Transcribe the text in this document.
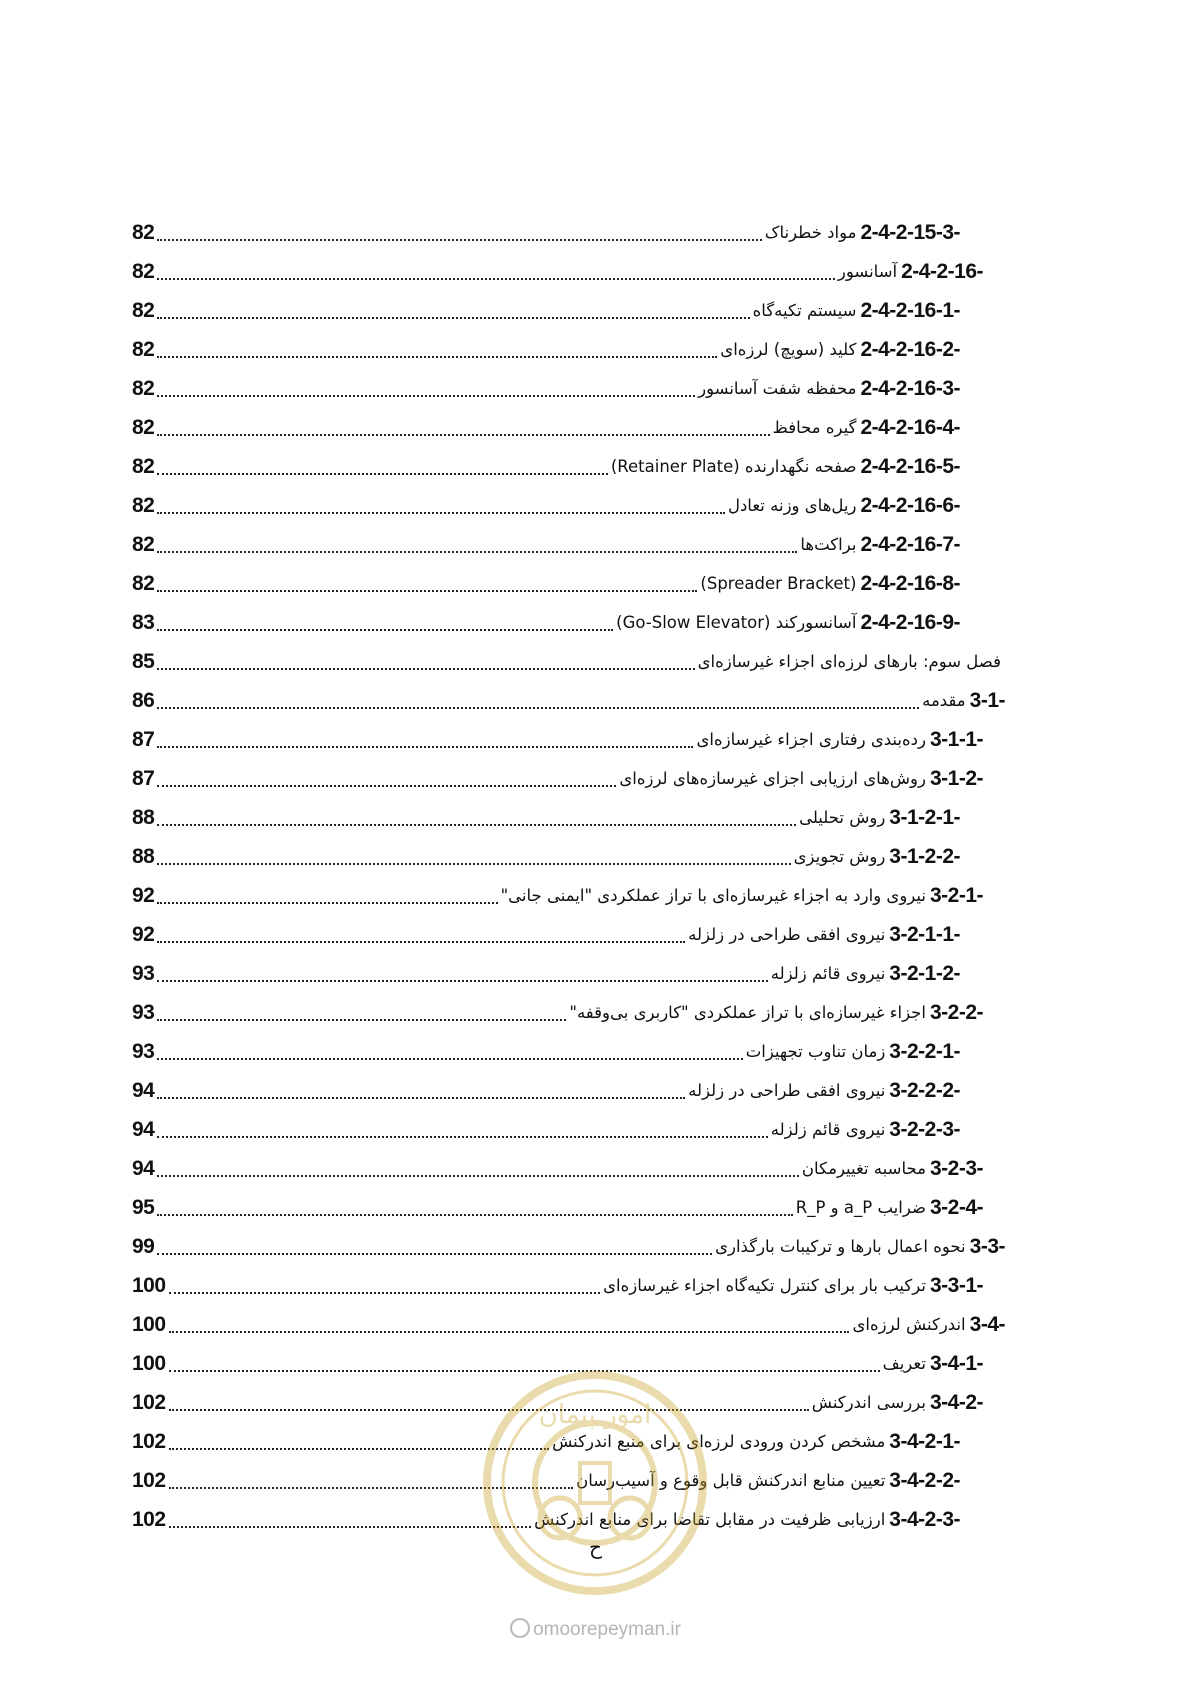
2-4-2-15-3-
مواد خطرناک
82
2-4-2-16-
آسانسور
82
2-4-2-16-1-
سیستم تکیه‌گاه
82
2-4-2-16-2-
کلید (سویچ) لرزه‌ای
82
2-4-2-16-3-
محفظه شفت آسانسور
82
2-4-2-16-4-
گیره محافظ
82
2-4-2-16-5-
صفحه نگهدارنده (Retainer Plate)
82
2-4-2-16-6-
ریل‌های وزنه تعادل
82
2-4-2-16-7-
براکت‌ها
82
2-4-2-16-8-
(Spreader Bracket)
82
2-4-2-16-9-
آسانسورکند (Go-Slow Elevator)
83
فصل سوم: بارهای لرزه‌ای اجزاء غیرسازه‌ای
85
3-1-
مقدمه
86
3-1-1-
رده‌بندی رفتاری اجزاء غیرسازه‌ای
87
3-1-2-
روش‌های ارزیابی اجزای غیرسازه‌های لرزه‌ای
87
3-1-2-1-
روش تحلیلی
88
3-1-2-2-
روش تجویزی
88
3-2-1-
نیروی وارد به اجزاء غیرسازه‌ای با تراز عملکردی "ایمنی جانی"
92
3-2-1-1-
نیروی افقی طراحی در زلزله
92
3-2-1-2-
نیروی قائم زلزله
93
3-2-2-
اجزاء غیرسازه‌ای با تراز عملکردی "کاربری بی‌وقفه"
93
3-2-2-1-
زمان تناوب تجهیزات
93
3-2-2-2-
نیروی افقی طراحی در زلزله
94
3-2-2-3-
نیروی قائم زلزله
94
3-2-3-
محاسبه تغییرمکان
94
3-2-4-
ضرایب a_P و R_P
95
3-3-
نحوه اعمال بارها و ترکیبات بارگذاری
99
3-3-1-
ترکیب بار برای کنترل تکیه‌گاه اجزاء غیرسازه‌ای
100
3-4-
اندرکنش لرزه‌ای
100
3-4-1-
تعریف
100
3-4-2-
بررسی اندرکنش
102
3-4-2-1-
مشخص کردن ورودی لرزه‌ای برای منبع اندرکنش
102
3-4-2-2-
تعیین منابع اندرکنش قابل وقوع و آسیب‌رسان
102
3-4-2-3-
ارزیابی ظرفیت در مقابل تقاضا برای منابع اندرکنش
102
امور پیمان
ح
omoorepeyman.ir
